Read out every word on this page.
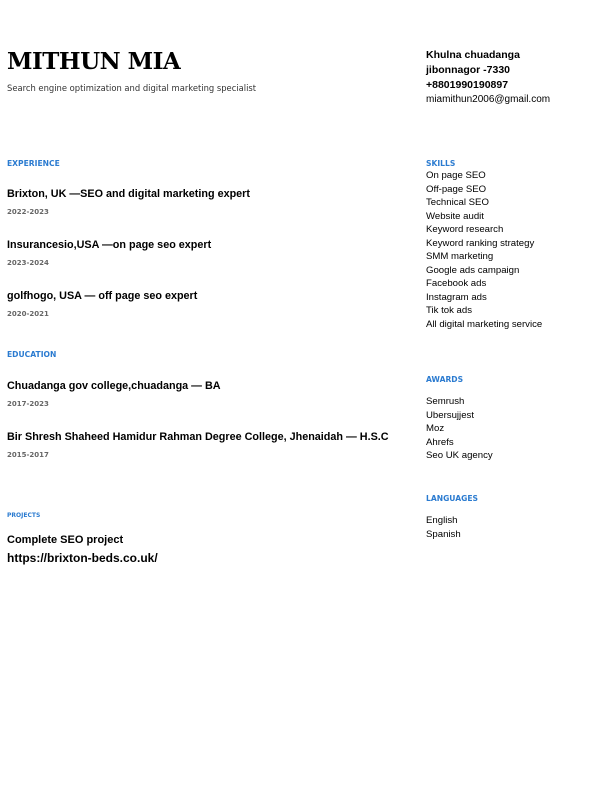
MITHUN MIA
Search engine optimization and digital marketing specialist
Khulna chuadanga
jibonnagor -7330
+8801990190897
miamithun2006@gmail.com
EXPERIENCE
Brixton, UK —SEO and digital marketing expert
2022-2023
Insurancesio,USA —on page seo expert
2023-2024
golfhogo, USA — off page seo expert
2020-2021
EDUCATION
Chuadanga gov college,chuadanga — BA
2017-2023
Bir Shresh Shaheed Hamidur Rahman Degree College, Jhenaidah — H.S.C
2015-2017
PROJECTS
Complete SEO project
https://brixton-beds.co.uk/
SKILLS
On page SEO
Off-page SEO
Technical SEO
Website audit
Keyword research
Keyword ranking strategy
SMM marketing
Google ads campaign
Facebook ads
Instagram ads
Tik tok ads
All digital marketing service
AWARDS
Semrush
Ubersujjest
Moz
Ahrefs
Seo UK agency
LANGUAGES
English
Spanish
